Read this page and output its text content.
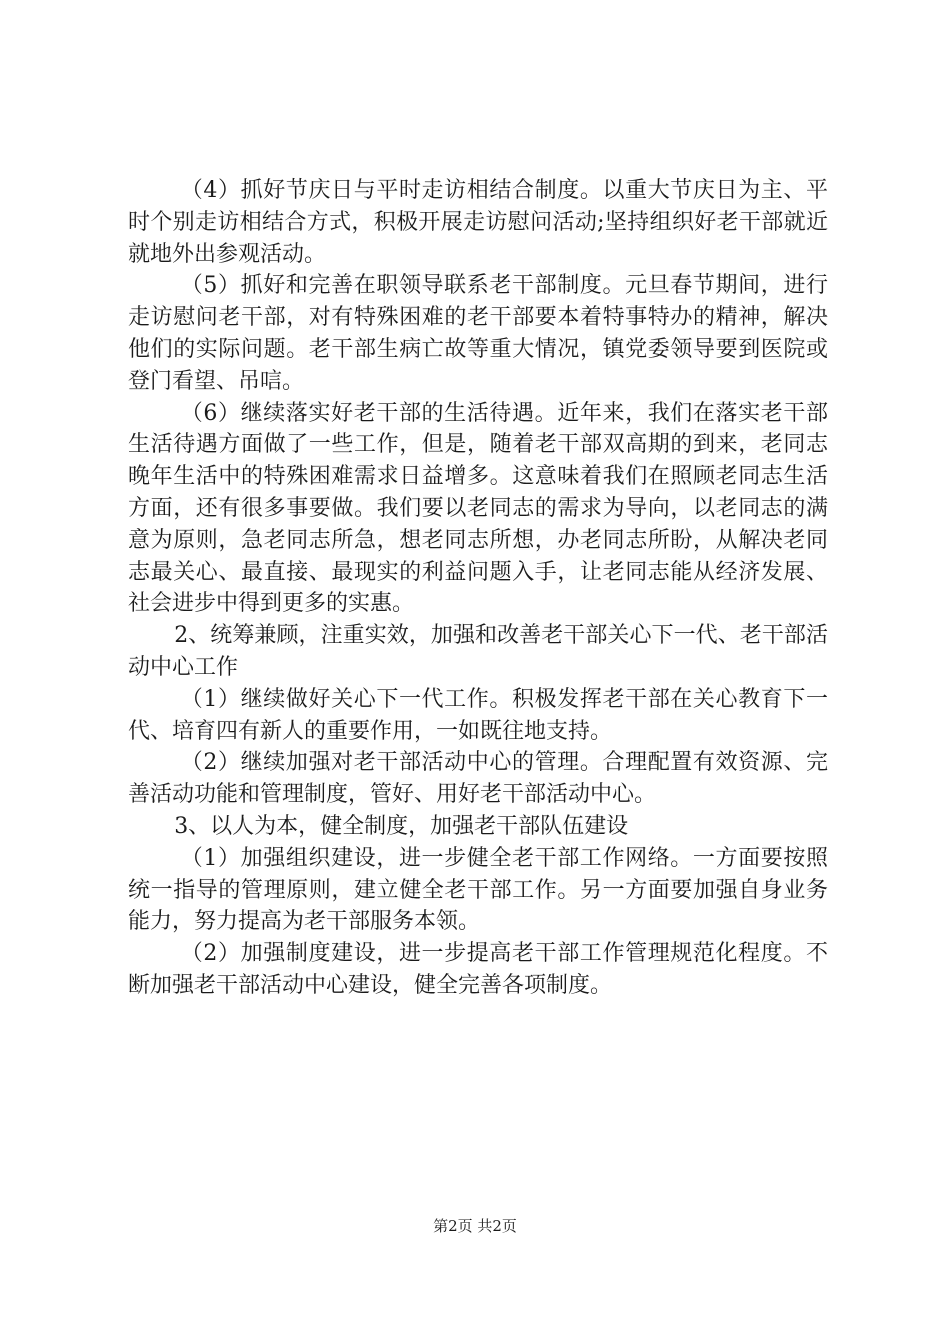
（4）抓好节庆日与平时走访相结合制度。以重大节庆日为主、平时个别走访相结合方式，积极开展走访慰问活动;坚持组织好老干部就近就地外出参观活动。

（5）抓好和完善在职领导联系老干部制度。元旦春节期间，进行走访慰问老干部，对有特殊困难的老干部要本着特事特办的精神，解决他们的实际问题。老干部生病亡故等重大情况，镇党委领导要到医院或登门看望、吊唁。

（6）继续落实好老干部的生活待遇。近年来，我们在落实老干部生活待遇方面做了一些工作，但是，随着老干部双高期的到来，老同志晚年生活中的特殊困难需求日益增多。这意味着我们在照顾老同志生活方面，还有很多事要做。我们要以老同志的需求为导向，以老同志的满意为原则，急老同志所急，想老同志所想，办老同志所盼，从解决老同志最关心、最直接、最现实的利益问题入手，让老同志能从经济发展、社会进步中得到更多的实惠。

2、统筹兼顾，注重实效，加强和改善老干部关心下一代、老干部活动中心工作

（1）继续做好关心下一代工作。积极发挥老干部在关心教育下一代、培育四有新人的重要作用，一如既往地支持。

（2）继续加强对老干部活动中心的管理。合理配置有效资源、完善活动功能和管理制度，管好、用好老干部活动中心。

3、以人为本，健全制度，加强老干部队伍建设

（1）加强组织建设，进一步健全老干部工作网络。一方面要按照统一指导的管理原则，建立健全老干部工作。另一方面要加强自身业务能力，努力提高为老干部服务本领。

（2）加强制度建设，进一步提高老干部工作管理规范化程度。不断加强老干部活动中心建设，健全完善各项制度。

第2页 共2页
